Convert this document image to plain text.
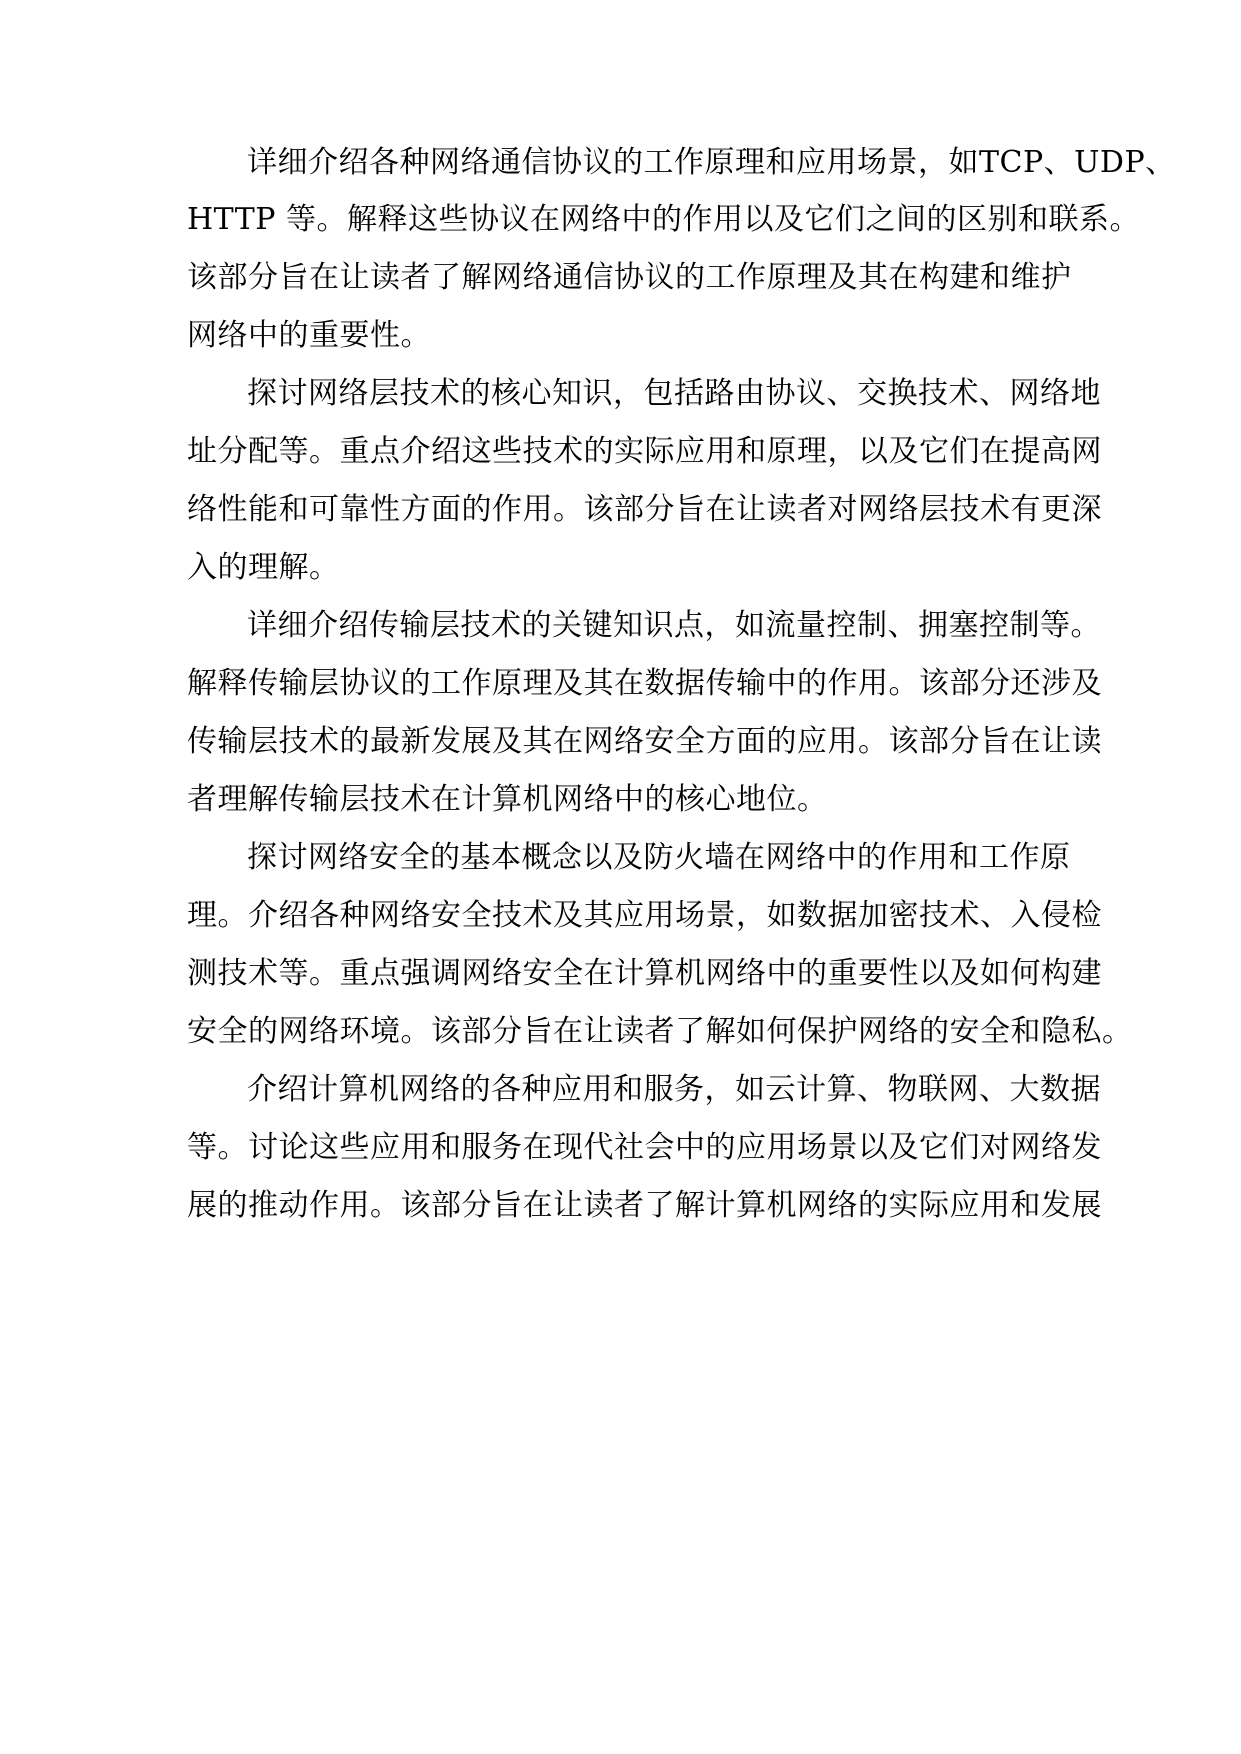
详细介绍各种网络通信协议的工作原理和应用场景，如TCP、UDP、
HTTP 等。解释这些协议在网络中的作用以及它们之间的区别和联系。
该部分旨在让读者了解网络通信协议的工作原理及其在构建和维护
网络中的重要性。
探讨网络层技术的核心知识，包括路由协议、交换技术、网络地
址分配等。重点介绍这些技术的实际应用和原理，以及它们在提高网
络性能和可靠性方面的作用。该部分旨在让读者对网络层技术有更深
入的理解。
详细介绍传输层技术的关键知识点，如流量控制、拥塞控制等。
解释传输层协议的工作原理及其在数据传输中的作用。该部分还涉及
传输层技术的最新发展及其在网络安全方面的应用。该部分旨在让读
者理解传输层技术在计算机网络中的核心地位。
探讨网络安全的基本概念以及防火墙在网络中的作用和工作原
理。介绍各种网络安全技术及其应用场景，如数据加密技术、入侵检
测技术等。重点强调网络安全在计算机网络中的重要性以及如何构建
安全的网络环境。该部分旨在让读者了解如何保护网络的安全和隐私。
介绍计算机网络的各种应用和服务，如云计算、物联网、大数据
等。讨论这些应用和服务在现代社会中的应用场景以及它们对网络发
展的推动作用。该部分旨在让读者了解计算机网络的实际应用和发展
